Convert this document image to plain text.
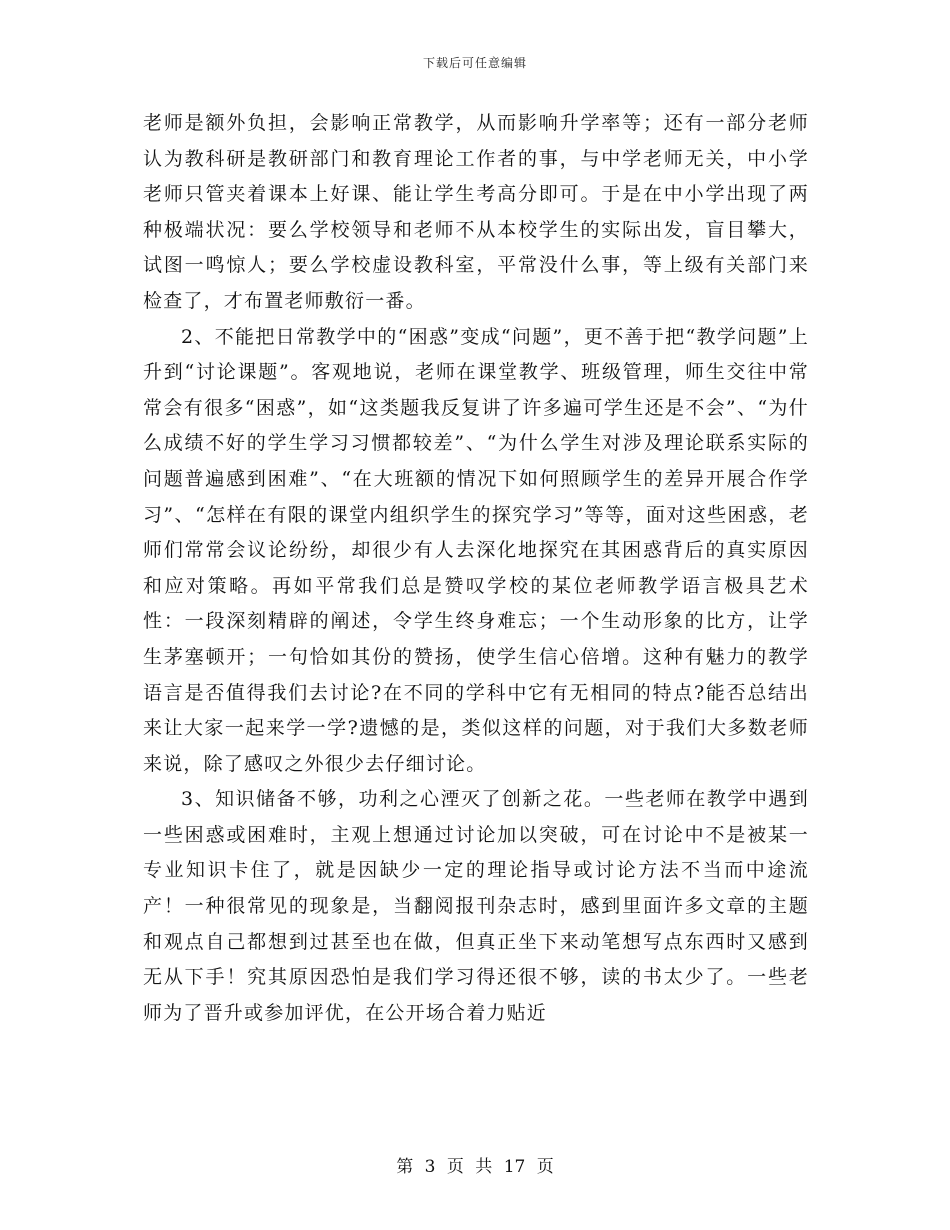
下载后可任意编辑

老师是额外负担，会影响正常教学，从而影响升学率等；还有一部分老师认为教科研是教研部门和教育理论工作者的事，与中学老师无关，中小学老师只管夹着课本上好课、能让学生考高分即可。于是在中小学出现了两种极端状况：要么学校领导和老师不从本校学生的实际出发，盲目攀大，试图一鸣惊人；要么学校虚设教科室，平常没什么事，等上级有关部门来检查了，才布置老师敷衍一番。

2、不能把日常教学中的“困惑”变成“问题”，更不善于把“教学问题”上升到“讨论课题”。客观地说，老师在课堂教学、班级管理，师生交往中常常会有很多“困惑”，如“这类题我反复讲了许多遍可学生还是不会”、“为什么成绩不好的学生学习习惯都较差”、“为什么学生对涉及理论联系实际的问题普遍感到困难”、“在大班额的情况下如何照顾学生的差异开展合作学习”、“怎样在有限的课堂内组织学生的探究学习”等等，面对这些困惑，老师们常常会议论纷纷，却很少有人去深化地探究在其困惑背后的真实原因和应对策略。再如平常我们总是赞叹学校的某位老师教学语言极具艺术性：一段深刻精辟的阐述，令学生终身难忘；一个生动形象的比方，让学生茅塞顿开；一句恰如其份的赞扬，使学生信心倍增。这种有魅力的教学语言是否值得我们去讨论?在不同的学科中它有无相同的特点?能否总结出来让大家一起来学一学?遗憾的是，类似这样的问题，对于我们大多数老师来说，除了感叹之外很少去仔细讨论。

3、知识储备不够，功利之心湮灭了创新之花。一些老师在教学中遇到一些困惑或困难时，主观上想通过讨论加以突破，可在讨论中不是被某一专业知识卡住了，就是因缺少一定的理论指导或讨论方法不当而中途流产！一种很常见的现象是，当翻阅报刊杂志时，感到里面许多文章的主题和观点自己都想到过甚至也在做，但真正坐下来动笔想写点东西时又感到无从下手！究其原因恐怕是我们学习得还很不够，读的书太少了。一些老师为了晋升或参加评优，在公开场合着力贴近

第 3 页 共 17 页
